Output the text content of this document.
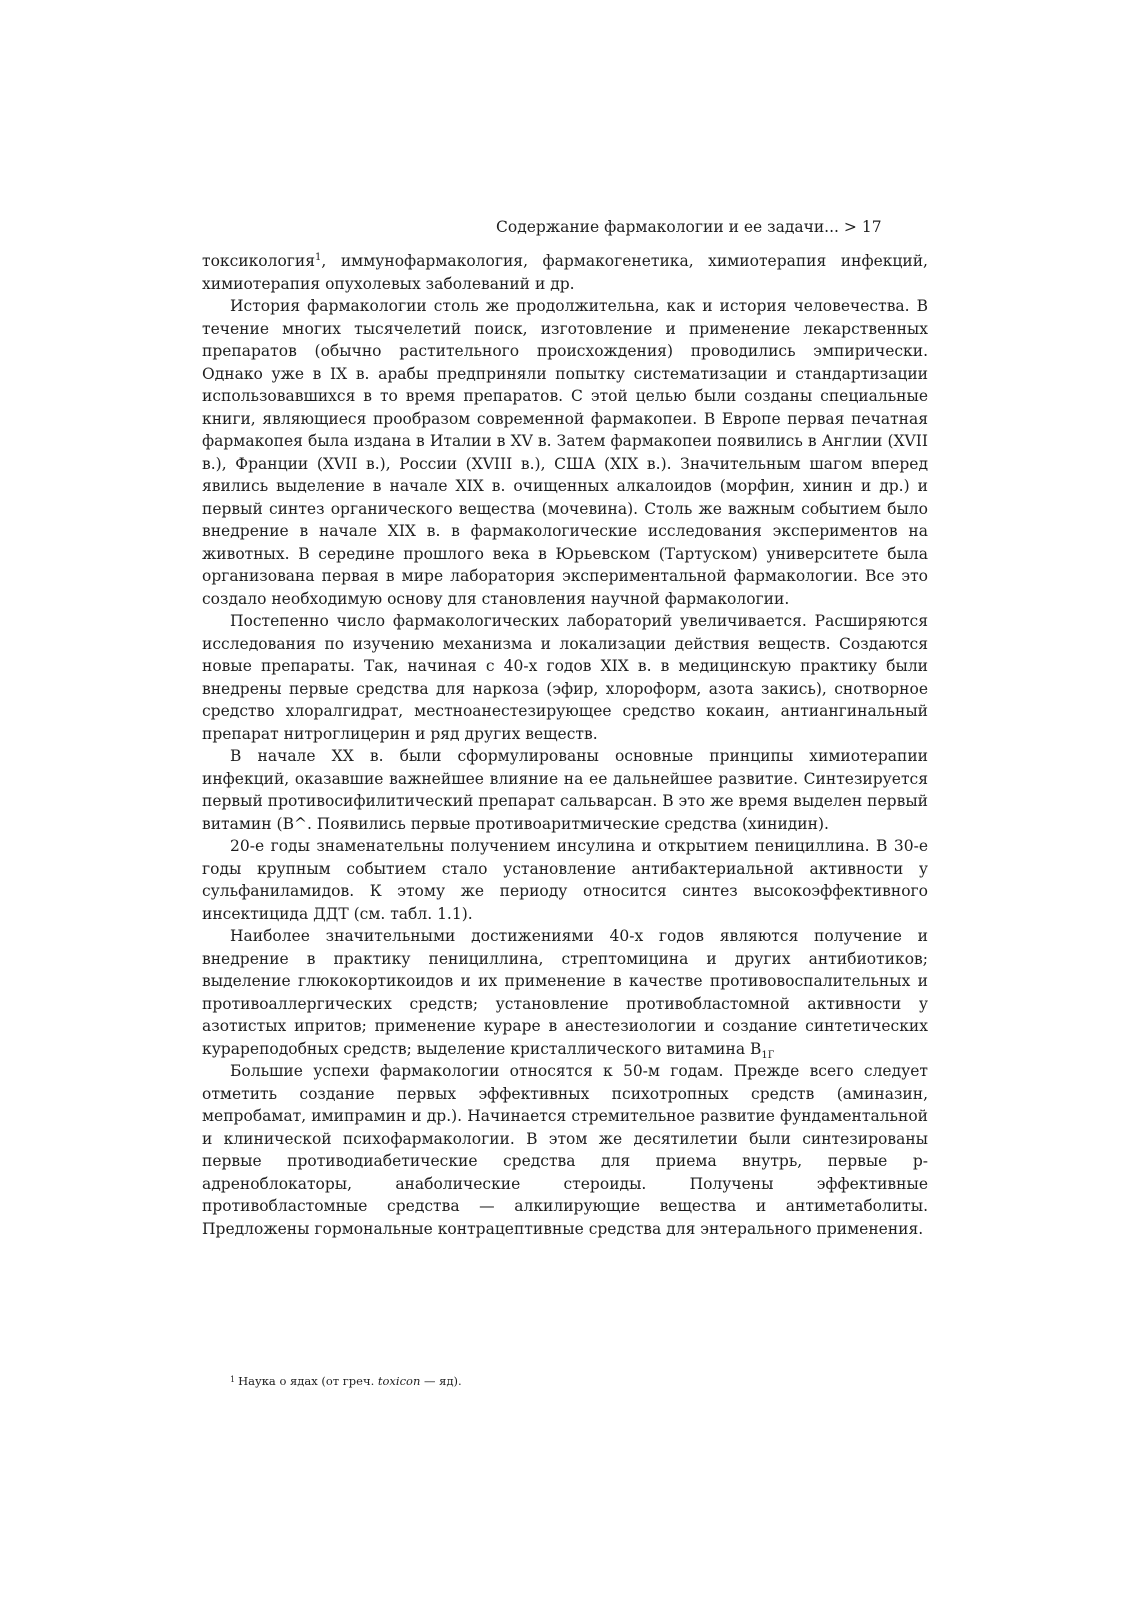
Содержание фармакологии и ее задачи... > 17

токсикология$^1$, иммунофармакология, фармакогенетика, химиотерапия инфекций, химиотерапия опухолевых заболеваний и др.

История фармакологии столь же продолжительна, как и история человечества. В течение многих тысячелетий поиск, изготовление и применение лекарственных препаратов (обычно растительного происхождения) проводились эмпирически. Однако уже в IX в. арабы предприняли попытку систематизации и стандартизации использовавшихся в то время препаратов. С этой целью были созданы специальные книги, являющиеся прообразом современной фармакопеи. В Европе первая печатная фармакопея была издана в Италии в XV в. Затем фармакопеи появились в Англии (XVII в.), Франции (XVII в.), России (XVIII в.), США (XIX в.). Значительным шагом вперед явились выделение в начале XIX в. очищенных алкалоидов (морфин, хинин и др.) и первый синтез органического вещества (мочевина). Столь же важным событием было внедрение в начале XIX в. в фармакологические исследования экспериментов на животных. В середине прошлого века в Юрьевском (Тартуском) университете была организована первая в мире лаборатория экспериментальной фармакологии. Все это создало необходимую основу для становления научной фармакологии.

Постепенно число фармакологических лабораторий увеличивается. Расширяются исследования по изучению механизма и локализации действия веществ. Создаются новые препараты. Так, начиная с 40-х годов XIX в. в медицинскую практику были внедрены первые средства для наркоза (эфир, хлороформ, азота закись), снотворное средство хлоралгидрат, местноанестезирующее средство кокаин, антиангинальный препарат нитроглицерин и ряд других веществ.

В начале XX в. были сформулированы основные принципы химиотерапии инфекций, оказавшие важнейшее влияние на ее дальнейшее развитие. Синтезируется первый противосифилитический препарат сальварсан. В это же время выделен первый витамин (В^. Появились первые противоаритмические средства (хинидин).

20-е годы знаменательны получением инсулина и открытием пенициллина. В 30-е годы крупным событием стало установление антибактериальной активности у сульфаниламидов. К этому же периоду относится синтез высокоэффективного инсектицида ДДТ (см. табл. 1.1).

Наиболее значительными достижениями 40-х годов являются получение и внедрение в практику пенициллина, стрептомицина и других антибиотиков; выделение глюкокортикоидов и их применение в качестве противовоспалительных и противоаллергических средств; установление противобластомной активности у азотистых ипритов; применение кураре в анестезиологии и создание синтетических курареподобных средств; выделение кристаллического витамина $B_{1Г}$

Большие успехи фармакологии относятся к 50-м годам. Прежде всего следует отметить создание первых эффективных психотропных средств (аминазин, мепробамат, имипрамин и др.). Начинается стремительное развитие фундаментальной и клинической психофармакологии. В этом же десятилетии были синтезированы первые противодиабетические средства для приема внутрь, первые р-адреноблокаторы, анаболические стероиды. Получены эффективные противобластомные средства — алкилирующие вещества и антиметаболиты. Предложены гормональные контрацептивные средства для энтерального применения.

$^1$ Наука о ядах (от греч. toxicon — яд).
